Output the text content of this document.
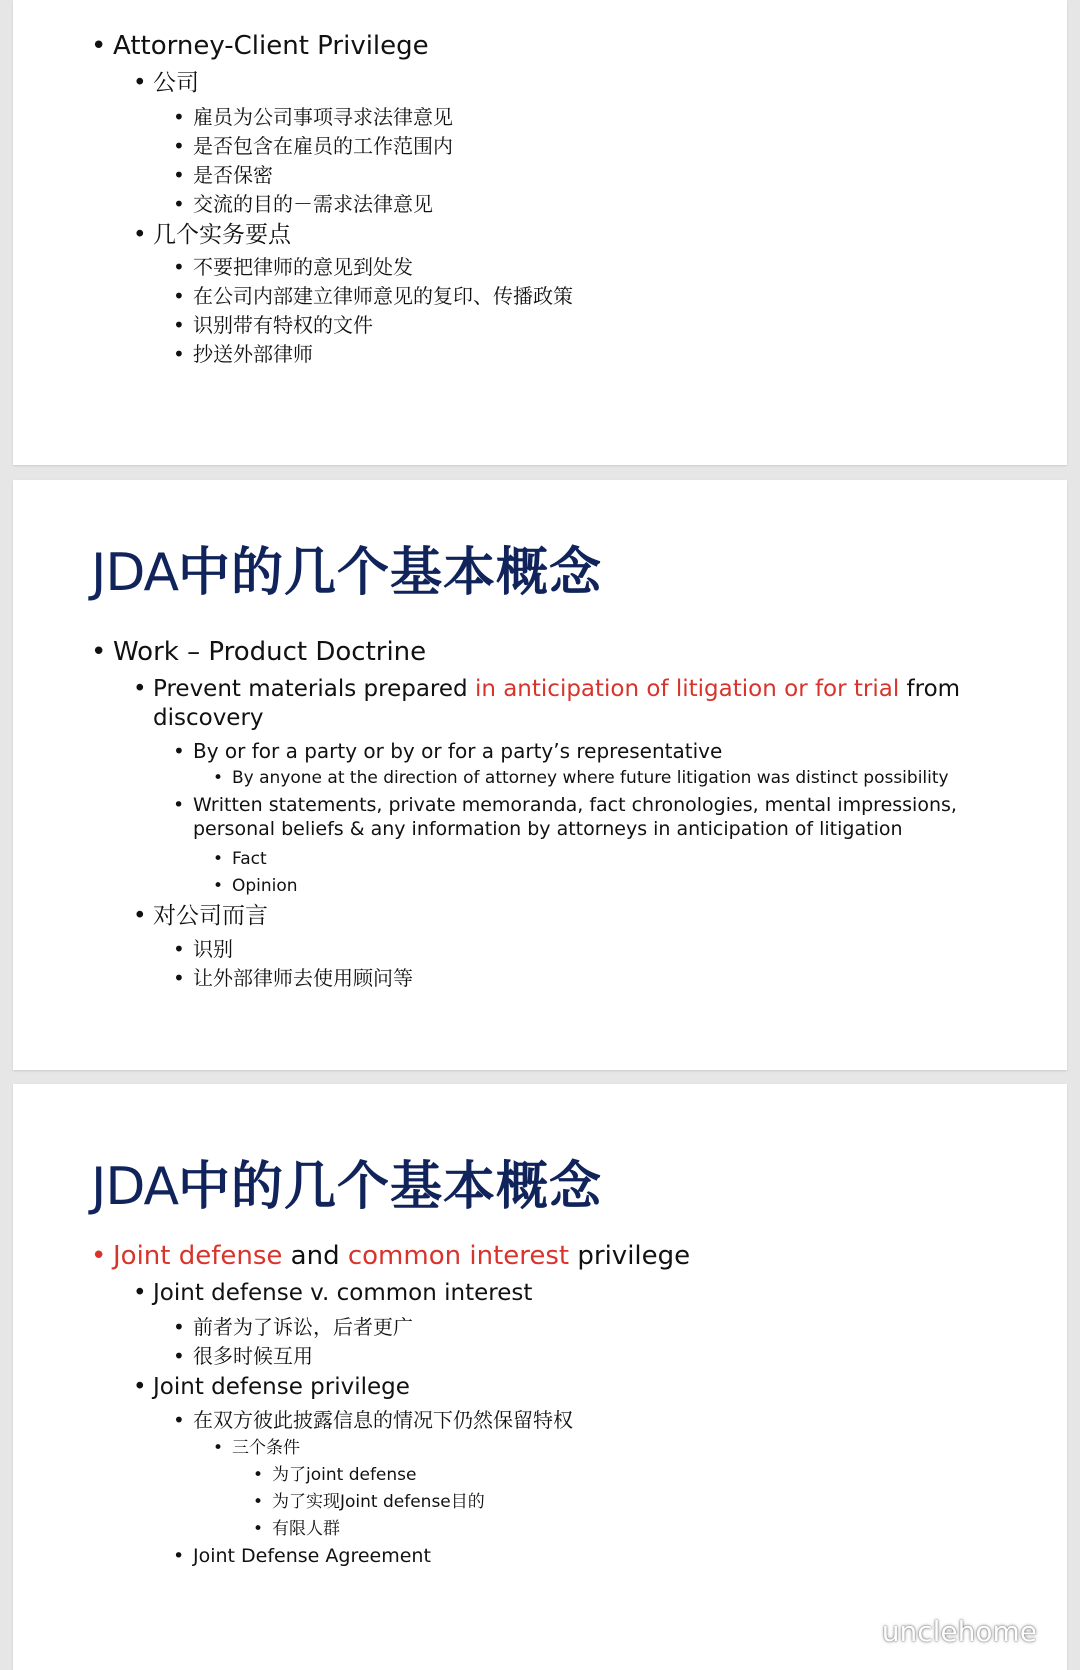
• Attorney-Client Privilege
• 公司
• 雇员为公司事项寻求法律意见
• 是否包含在雇员的工作范围内
• 是否保密
• 交流的目的－需求法律意见
• 几个实务要点
• 不要把律师的意见到处发
• 在公司内部建立律师意见的复印、传播政策
• 识别带有特权的文件
• 抄送外部律师
JDA中的几个基本概念
• Work – Product Doctrine
• Prevent materials prepared in anticipation of litigation or for trial from
discovery
• By or for a party or by or for a party’s representative
• By anyone at the direction of attorney where future litigation was distinct possibility
• Written statements, private memoranda, fact chronologies, mental impressions,
personal beliefs & any information by attorneys in anticipation of litigation
• Fact
• Opinion
• 对公司而言
• 识别
• 让外部律师去使用顾问等
JDA中的几个基本概念
• Joint defense and common interest privilege
• Joint defense v. common interest
• 前者为了诉讼，后者更广
• 很多时候互用
• Joint defense privilege
• 在双方彼此披露信息的情况下仍然保留特权
• 三个条件
• 为了joint defense
• 为了实现Joint defense目的
• 有限人群
• Joint Defense Agreement
unclehome
